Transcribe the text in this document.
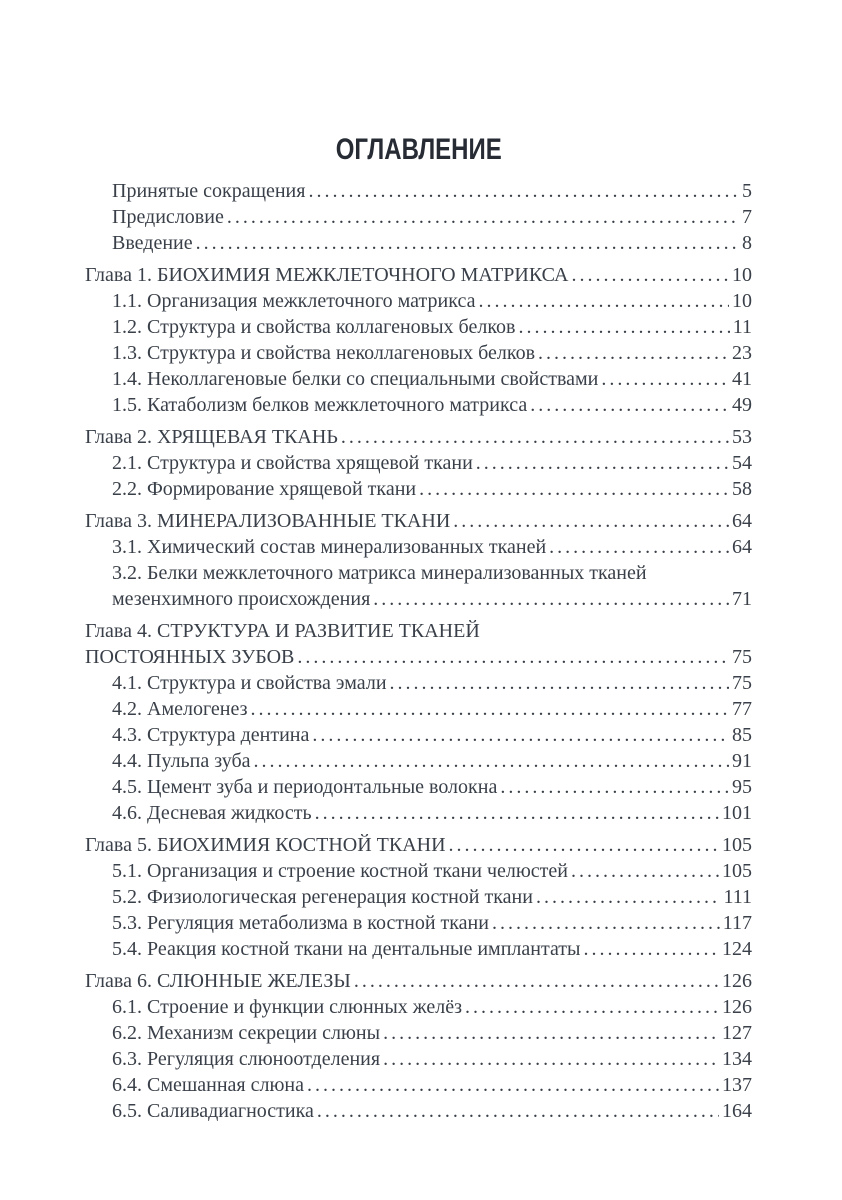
ОГЛАВЛЕНИЕ
Принятые сокращения . . .	5
Предисловие . . .	7
Введение . . .	8
Глава 1. БИОХИМИЯ МЕЖКЛЕТОЧНОГО МАТРИКСА . . .	10
1.1. Организация межклеточного матрикса . . .	10
1.2. Структура и свойства коллагеновых белков . . .	11
1.3. Структура и свойства неколлагеновых белков . . .	23
1.4. Неколлагеновые белки со специальными свойствами . . .	41
1.5. Катаболизм белков межклеточного матрикса . . .	49
Глава 2. ХРЯЩЕВАЯ ТКАНЬ . . .	53
2.1. Структура и свойства хрящевой ткани . . .	54
2.2. Формирование хрящевой ткани . . .	58
Глава 3. МИНЕРАЛИЗОВАННЫЕ ТКАНИ . . .	64
3.1. Химический состав минерализованных тканей . . .	64
3.2. Белки межклеточного матрикса минерализованных тканей
мезенхимного происхождения . . .	71
Глава 4. СТРУКТУРА И РАЗВИТИЕ ТКАНЕЙ
ПОСТОЯННЫХ ЗУБОВ . . .	75
4.1. Структура и свойства эмали . . .	75
4.2. Амелогенез . . .	77
4.3. Структура дентина . . .	85
4.4. Пульпа зуба . . .	91
4.5. Цемент зуба и периодонтальные волокна . . .	95
4.6. Десневая жидкость . . .	101
Глава 5. БИОХИМИЯ КОСТНОЙ ТКАНИ . . .	105
5.1. Организация и строение костной ткани челюстей . . .	105
5.2. Физиологическая регенерация костной ткани . . .	111
5.3. Регуляция метаболизма в костной ткани . . .	117
5.4. Реакция костной ткани на дентальные имплантаты . . .	124
Глава 6. СЛЮННЫЕ ЖЕЛЕЗЫ . . .	126
6.1. Строение и функции слюнных желёз . . .	126
6.2. Механизм секреции слюны . . .	127
6.3. Регуляция слюноотделения . . .	134
6.4. Смешанная слюна . . .	137
6.5. Саливадиагностика . . .	164
